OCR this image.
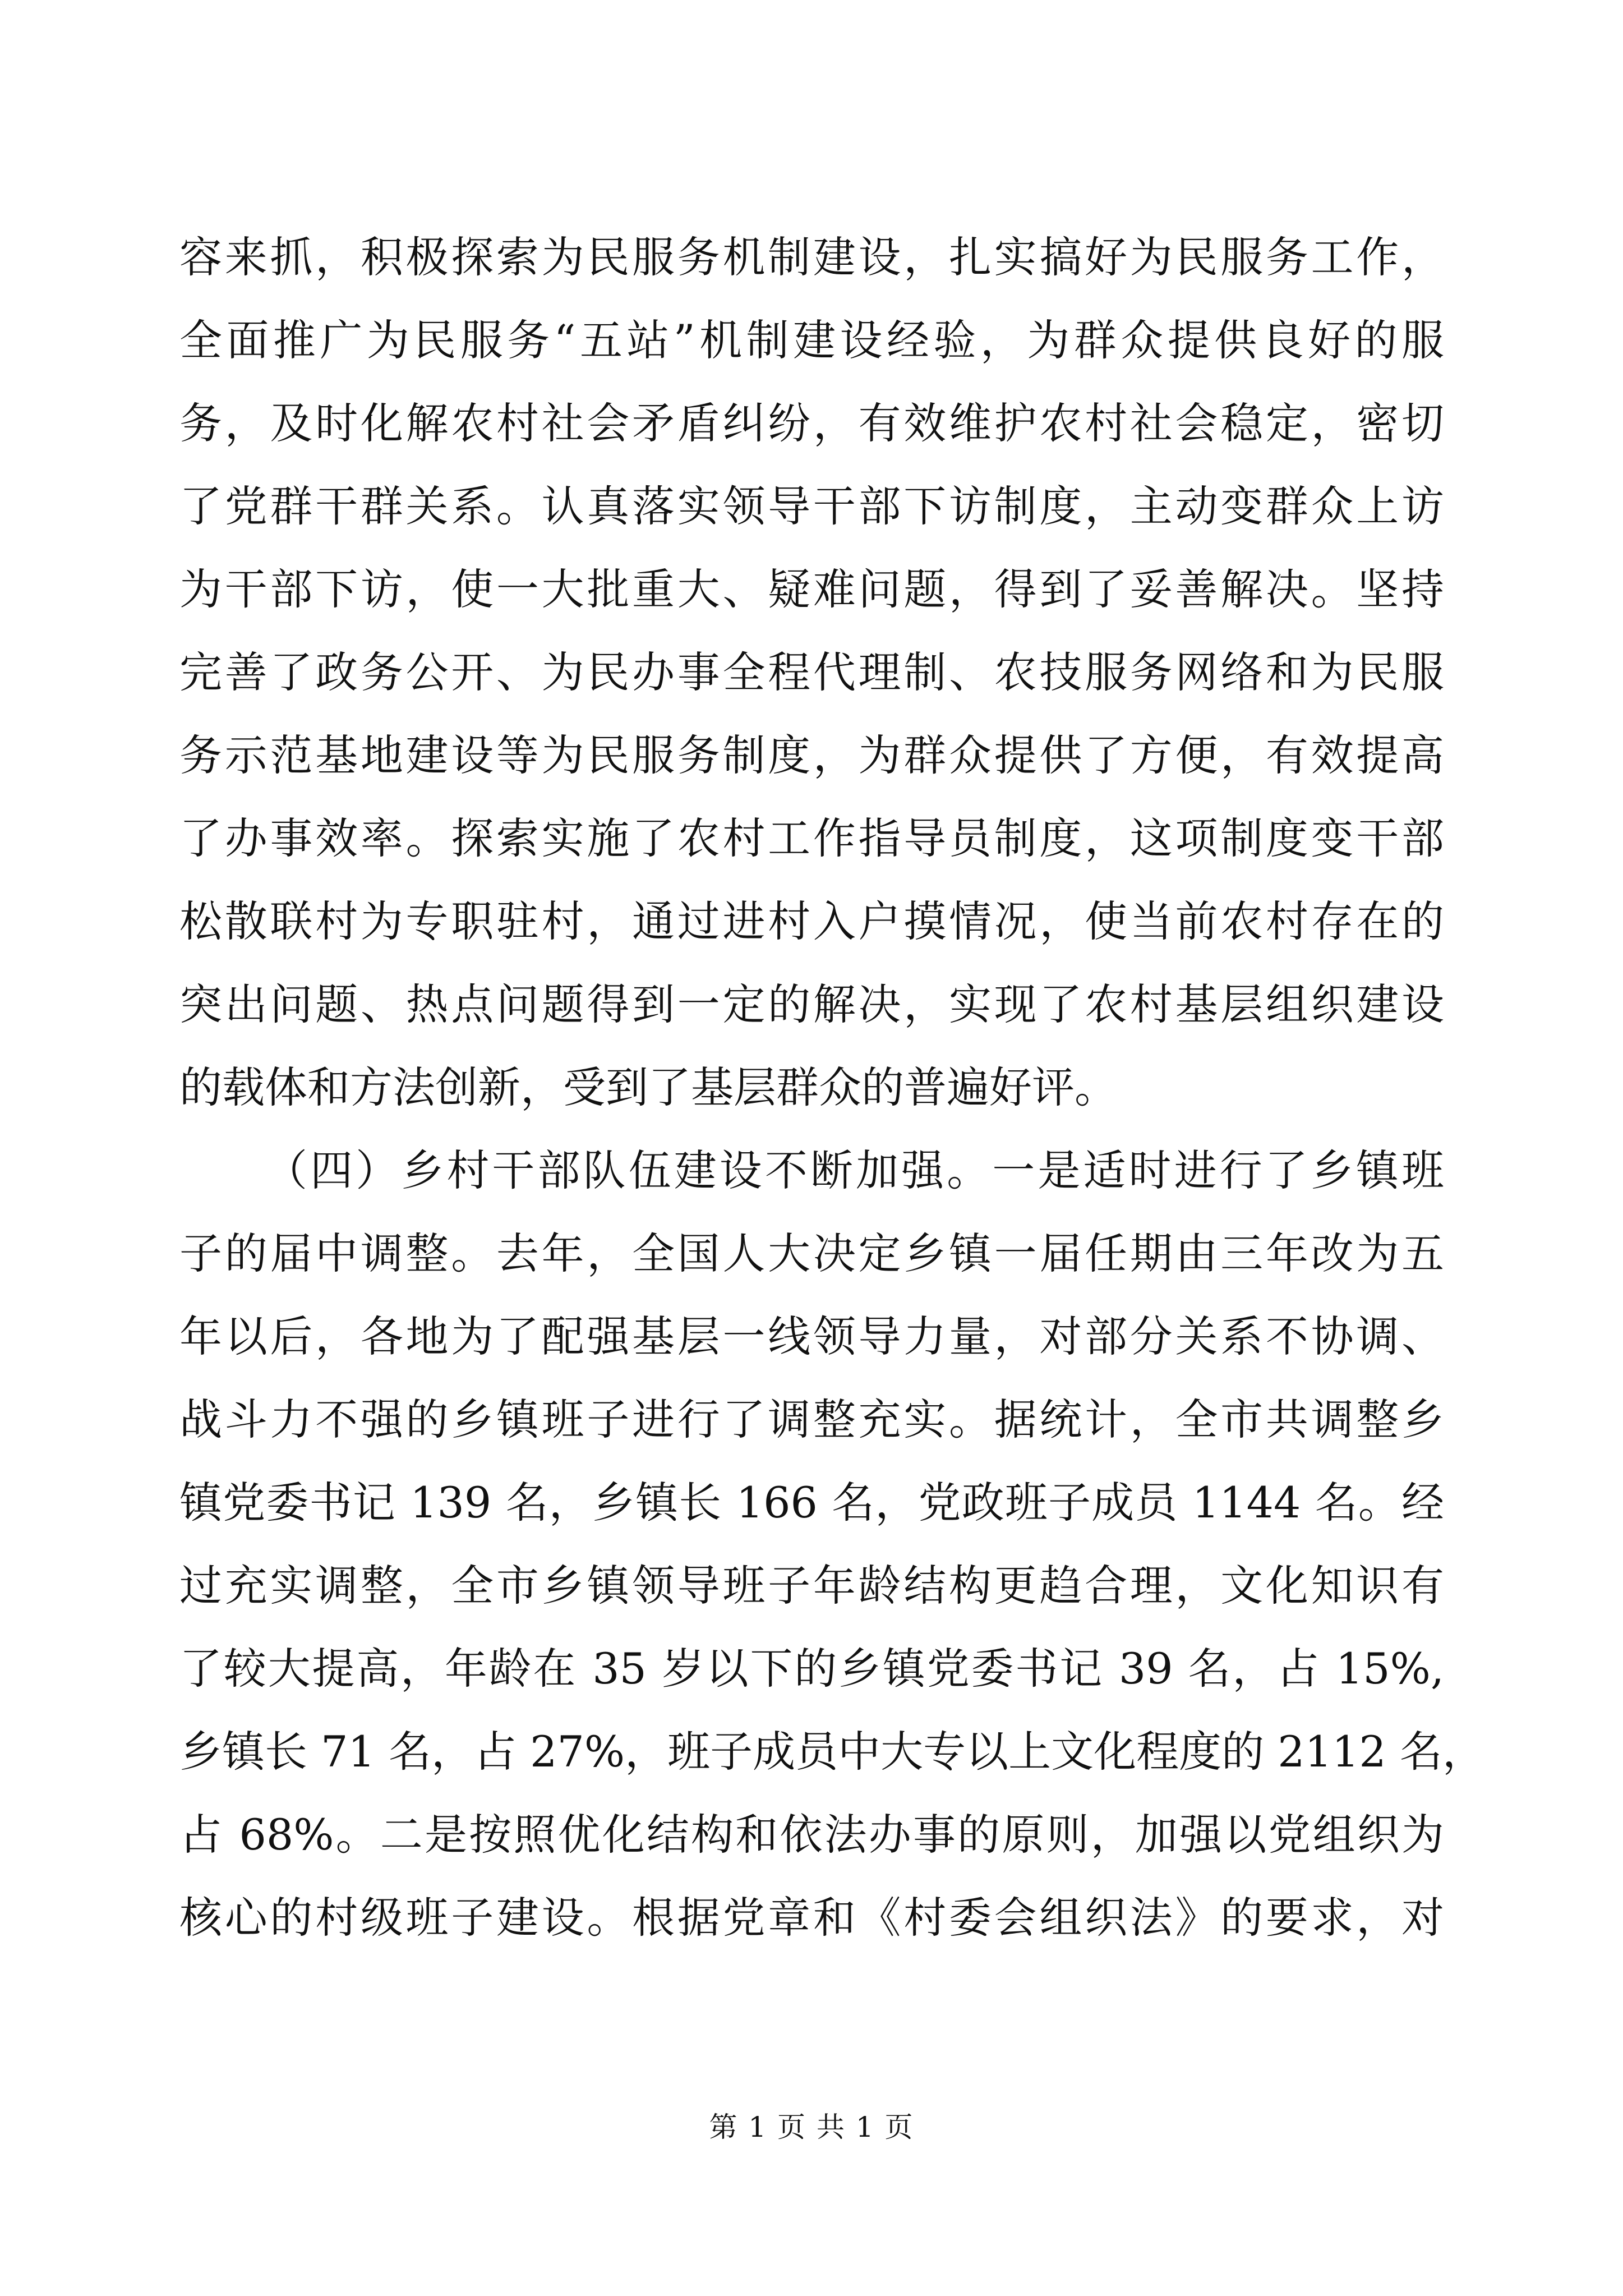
容来抓，积极探索为民服务机制建设，扎实搞好为民服务工作，
全面推广为民服务“五站”机制建设经验，为群众提供良好的服
务，及时化解农村社会矛盾纠纷，有效维护农村社会稳定，密切
了党群干群关系。认真落实领导干部下访制度，主动变群众上访
为干部下访，使一大批重大、疑难问题，得到了妥善解决。坚持
完善了政务公开、为民办事全程代理制、农技服务网络和为民服
务示范基地建设等为民服务制度，为群众提供了方便，有效提高
了办事效率。探索实施了农村工作指导员制度，这项制度变干部
松散联村为专职驻村，通过进村入户摸情况，使当前农村存在的
突出问题、热点问题得到一定的解决，实现了农村基层组织建设
的载体和方法创新，受到了基层群众的普遍好评。
（四）乡村干部队伍建设不断加强。一是适时进行了乡镇班
子的届中调整。去年，全国人大决定乡镇一届任期由三年改为五
年以后，各地为了配强基层一线领导力量，对部分关系不协调、
战斗力不强的乡镇班子进行了调整充实。据统计，全市共调整乡
镇党委书记 139 名，乡镇长 166 名，党政班子成员 1144 名。经
过充实调整，全市乡镇领导班子年龄结构更趋合理，文化知识有
了较大提高，年龄在 35 岁以下的乡镇党委书记 39 名，占 15%,
乡镇长 71 名，占 27%，班子成员中大专以上文化程度的 2112 名，
占 68%。二是按照优化结构和依法办事的原则，加强以党组织为
核心的村级班子建设。根据党章和《村委会组织法》的要求，对
第 1 页 共 1 页
